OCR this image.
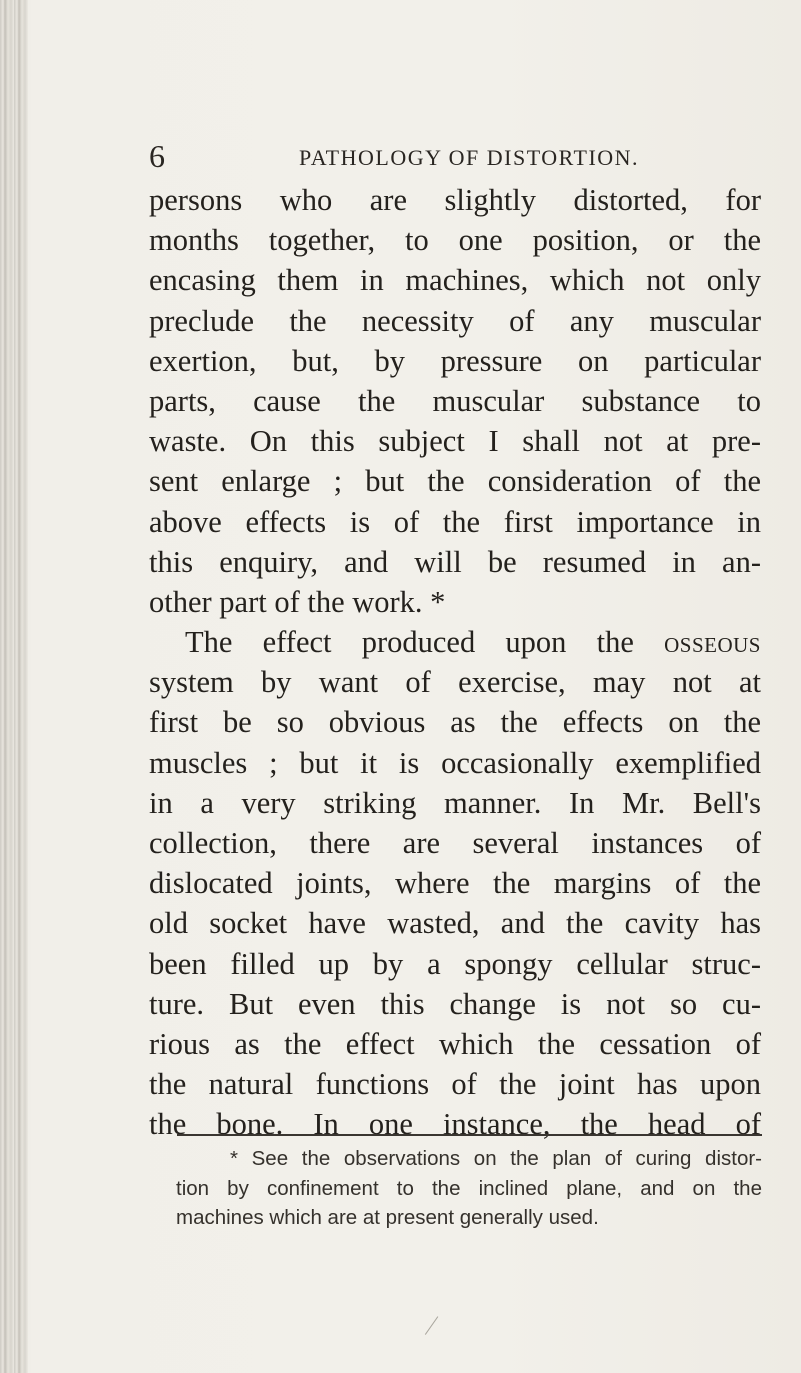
6	PATHOLOGY OF DISTORTION.
persons who are slightly distorted, for
months together, to one position, or the
encasing them in machines, which not only
preclude the necessity of any muscular
exertion, but, by pressure on particular
parts, cause the muscular substance to
waste. On this subject I shall not at pre-
sent enlarge ; but the consideration of the
above effects is of the first importance in
this enquiry, and will be resumed in an-
other part of the work. *
The effect produced upon the osseous
system by want of exercise, may not at
first be so obvious as the effects on the
muscles ; but it is occasionally exemplified
in a very striking manner. In Mr. Bell's
collection, there are several instances of
dislocated joints, where the margins of the
old socket have wasted, and the cavity has
been filled up by a spongy cellular struc-
ture. But even this change is not so cu-
rious as the effect which the cessation of
the natural functions of the joint has upon
the bone. In one instance, the head of
* See the observations on the plan of curing distor-
tion by confinement to the inclined plane, and on the
machines which are at present generally used.
